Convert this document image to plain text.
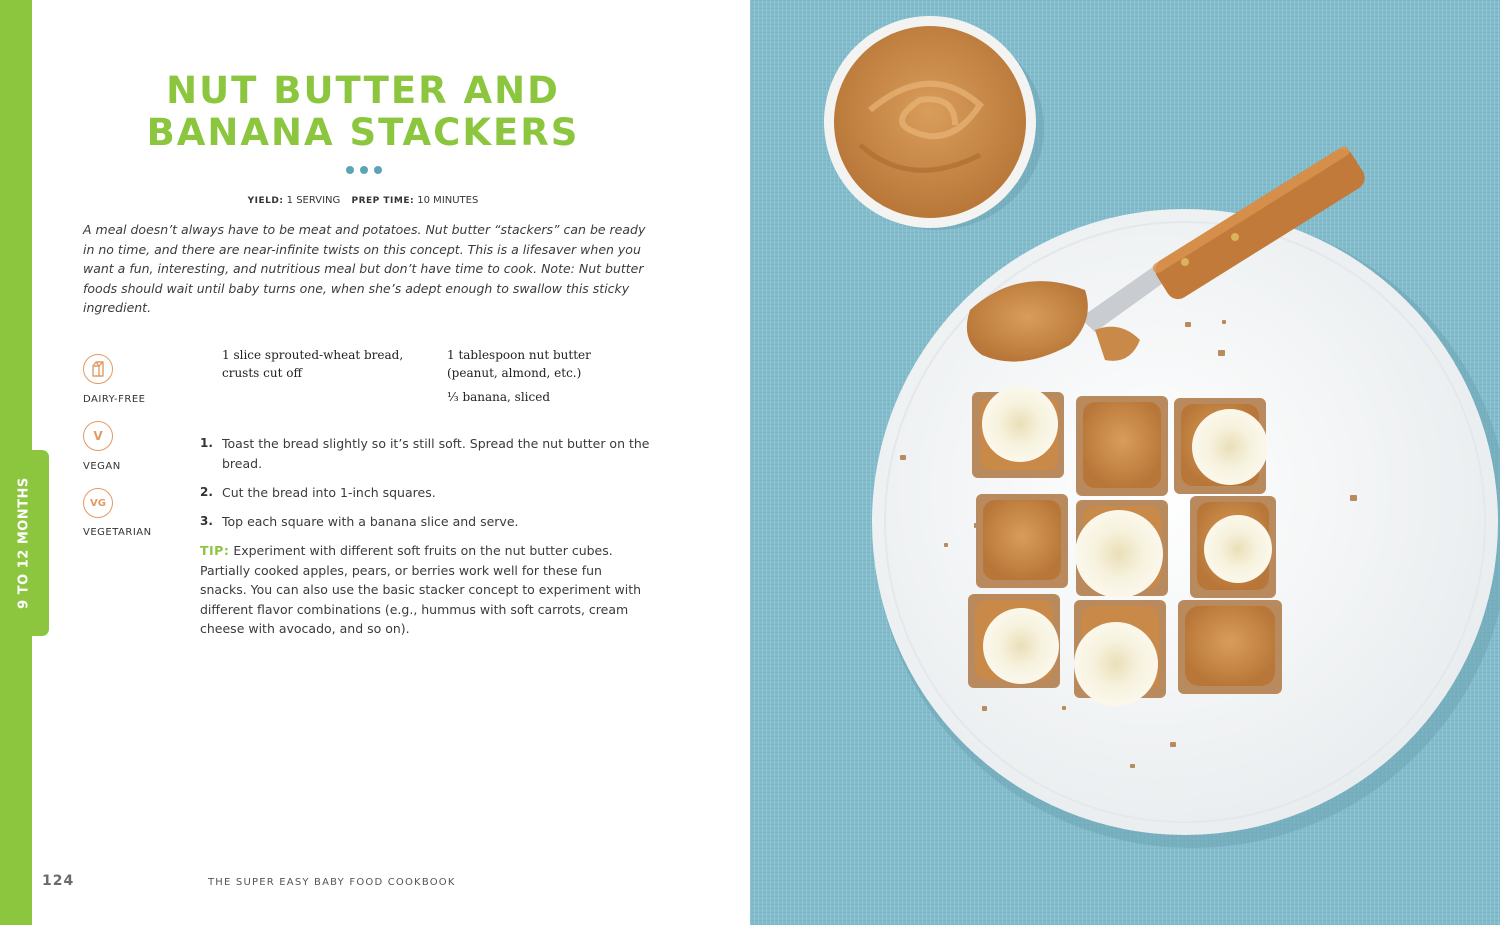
9 TO 12 MONTHS
NUT BUTTER AND
BANANA STACKERS
YIELD: 1 SERVING PREP TIME: 10 MINUTES

A meal doesn’t always have to be meat and potatoes. Nut butter “stackers” can be ready in no time, and there are near-infinite twists on this concept. This is a lifesaver when you want a fun, interesting, and nutritious meal but don’t have time to cook. Note: Nut butter foods should wait until baby turns one, when she’s adept enough to swallow this sticky ingredient.

DAIRY-FREE
V
VEGAN
VG
VEGETARIAN

1 slice sprouted-wheat bread, crusts cut off

1 tablespoon nut butter (peanut, almond, etc.)

⅓ banana, sliced

1. Toast the bread slightly so it’s still soft. Spread the nut butter on the bread.
2. Cut the bread into 1-inch squares.
3. Top each square with a banana slice and serve.

TIP: Experiment with different soft fruits on the nut butter cubes. Partially cooked apples, pears, or berries work well for these fun snacks. You can also use the basic stacker concept to experiment with different flavor combinations (e.g., hummus with soft carrots, cream cheese with avocado, and so on).

124	THE SUPER EASY BABY FOOD COOKBOOK
